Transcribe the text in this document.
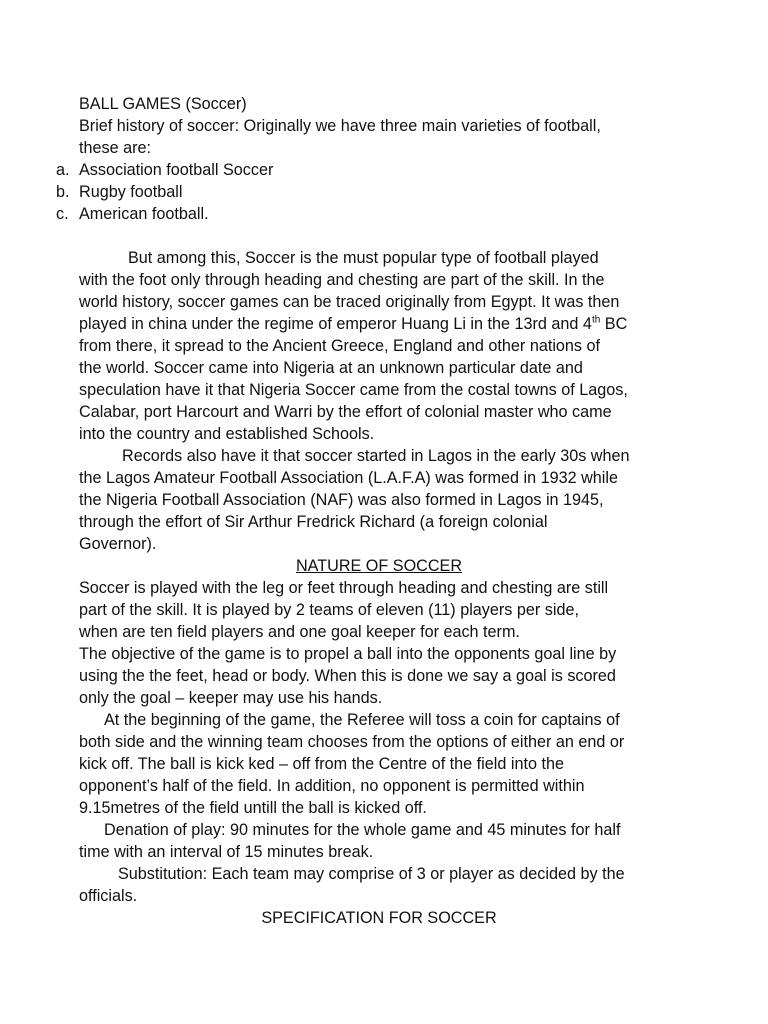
BALL GAMES (Soccer)
Brief history of soccer: Originally we have three main varieties of football,
these are:
a. Association football Soccer
b. Rugby football
c. American football.
But among this, Soccer is the must popular type of football played
with the foot only through heading and chesting are part of the skill. In the
world history, soccer games can be traced originally from Egypt. It was then
played in china under the regime of emperor Huang Li in the 13rd and 4th BC
from there, it spread to the Ancient Greece, England and other nations of
the world. Soccer came into Nigeria at an unknown particular date and
speculation have it that Nigeria Soccer came from the costal towns of Lagos,
Calabar, port Harcourt and Warri by the effort of colonial master who came
into the country and established Schools.
Records also have it that soccer started in Lagos in the early 30s when
the Lagos Amateur Football Association (L.A.F.A) was formed in 1932 while
the Nigeria Football Association (NAF) was also formed in Lagos in 1945,
through the effort of Sir Arthur Fredrick Richard (a foreign colonial
Governor).
NATURE OF SOCCER
Soccer is played with the leg or feet through heading and chesting are still
part of the skill. It is played by 2 teams of eleven (11) players per side,
when are ten field players and one goal keeper for each term.
The objective of the game is to propel a ball into the opponents goal line by
using the the feet, head or body. When this is done we say a goal is scored
only the goal – keeper may use his hands.
At the beginning of the game, the Referee will toss a coin for captains of
both side and the winning team chooses from the options of either an end or
kick off. The ball is kick ked – off from the Centre of the field into the
opponent’s half of the field. In addition, no opponent is permitted within
9.15metres of the field untill the ball is kicked off.
Denation of play: 90 minutes for the whole game and 45 minutes for half
time with an interval of 15 minutes break.
Substitution: Each team may comprise of 3 or player as decided by the
officials.
SPECIFICATION FOR SOCCER
